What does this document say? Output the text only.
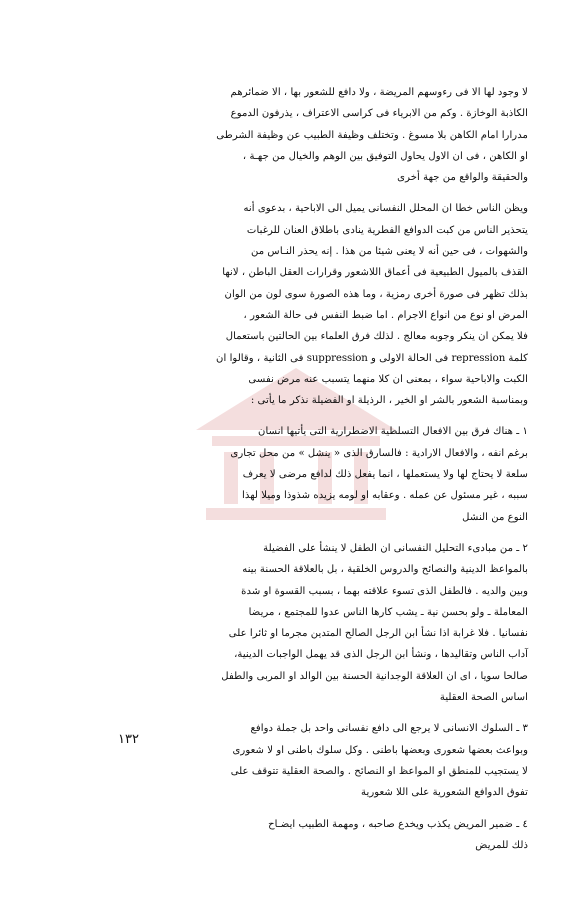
لا وجود لها الا فى رءوسهم المريضة ، ولا دافع للشعور بها ، الا ضمائرهم
الكاذبة الوخازة . وكم من الابرياء فى كراسى الاعتراف ، يذرفون الدموع
مدرارا امام الكاهن بلا مسوغ . وتختلف وظيفة الطبيب عن وظيفة الشرطى
او الكاهن ، فى ان الاول يحاول التوفيق بين الوهم والخيال من جهـة ،
والحقيقة والواقع من جهة أخرى

ويظن الناس خطا ان المحلل النفسانى يميل الى الاباحية ، بدعوى أنه
يتحذير الناس من كبت الدوافع الفطرية ينادى باطلاق العنان للرغبات
والشهوات ، فى حين أنه لا يعنى شيئا من هذا . إنه يحذر النـاس من
القذف بالميول الطبيعية فى أعماق اللاشعور وقرارات العقل الباطن ، لانها
بذلك تظهر فى صورة أخرى رمزية ، وما هذه الصورة سوى لون من الوان
المرض او نوع من انواع الاجرام . اما ضبط النفس فى حالة الشعور ،
فلا يمكن ان ينكر وجوبه معالج . لذلك فرق العلماء بين الحالتين باستعمال
كلمة repression فى الحالة الاولى و suppression فى الثانية ، وقالوا ان
الكبت والاباحية سواء ، بمعنى ان كلا منهما يتسبب عنه مرض نفسى

وبمناسبة الشعور بالشر او الخير ، الرذيلة او الفضيلة نذكر ما يأتى :

١ ـ هناك فرق بين الافعال التسلطية الاضطرارية التى يأتيها انسان
برغم انفه ، والافعال الارادية : فالسارق الذى « ينشل » من محل تجارى
سلعة لا يحتاج لها ولا يستعملها ، انما يفعل ذلك لدافع مرضى لا يعرف
سببه ، غير مسئول عن عمله . وعقابه او لومه يزيده شذوذا وميلا لهذا
النوع من النشل

٢ ـ من مبادىء التحليل النفسانى ان الطفل لا ينشأ على الفضيلة
بالمواعظ الدينية والنصائح والدروس الخلقية ، بل بالعلاقة الحسنة بينه
وبين والديه . فالطفل الذى تسوء علاقته بهما ، بسبب القسوة او شدة
المعاملة ـ ولو بحسن نية ـ يشب كارها الناس عدوا للمجتمع ، مريضا
نفسانيا . فلا غرابة اذا نشأ ابن الرجل الصالح المتدين مجرما او ثائرا على
آداب الناس وتقاليدها ، ونشأ ابن الرجل الذى قد يهمل الواجبات الدينية،
صالحا سويا ، اى ان العلاقة الوجدانية الحسنة بين الوالد او المربى والطفل
اساس الصحة العقلية

٣ ـ السلوك الانسانى لا يرجع الى دافع نفسانى واحد بل جملة دوافع
وبواعث بعضها شعورى وبعضها باطنى . وكل سلوك باطنى او لا شعورى
لا يستجيب للمنطق او المواعظ او النصائح . والصحة العقلية تتوقف على
تفوق الدوافع الشعورية على اللا شعورية

٤ ـ ضمير المريض يكذب ويخدع صاحبه ، ومهمة الطبيب ايضـاح
ذلك للمريض

١٣٢
